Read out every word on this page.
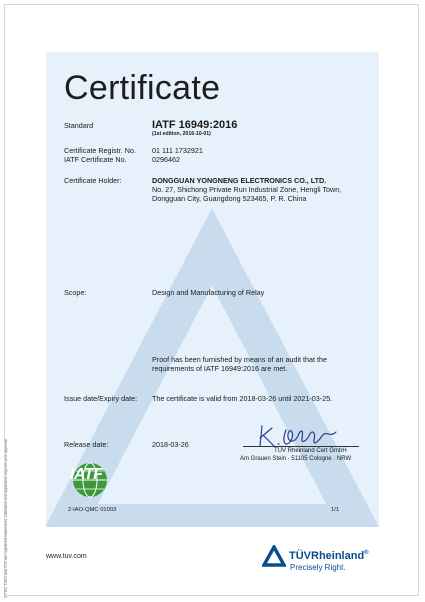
® TÜV, TUEV and TUV are registered trademarks. Utilisation and application requires prior approval.
Certificate
Standard	IATF 16949:2016
(1st edition, 2016-10-01)
Certificate Registr. No. 01 111 1732921
IATF Certificate No.	0296462
Certificate Holder:	DONGGUAN YONGNENG ELECTRONICS CO., LTD.
No. 27, Shichong Private Run Industrial Zone, Hengli Town,
Dongguan City, Guangdong 523465, P. R. China
Scope:	Design and Manufacturing of Relay
Proof has been furnished by means of an audit that the
requirements of IATF 16949:2016 are met.
Issue date/Expiry date: The certificate is valid from 2018-03-26 until 2021-03-25.
Release date:	2018-03-26
TÜV Rheinland Cert GmbH
Am Grauen Stein · 51105 Cologne · NRW
IATF
2-IAO-QMC 01003	1/1
www.tuv.com	TÜVRheinland®
Precisely Right.
